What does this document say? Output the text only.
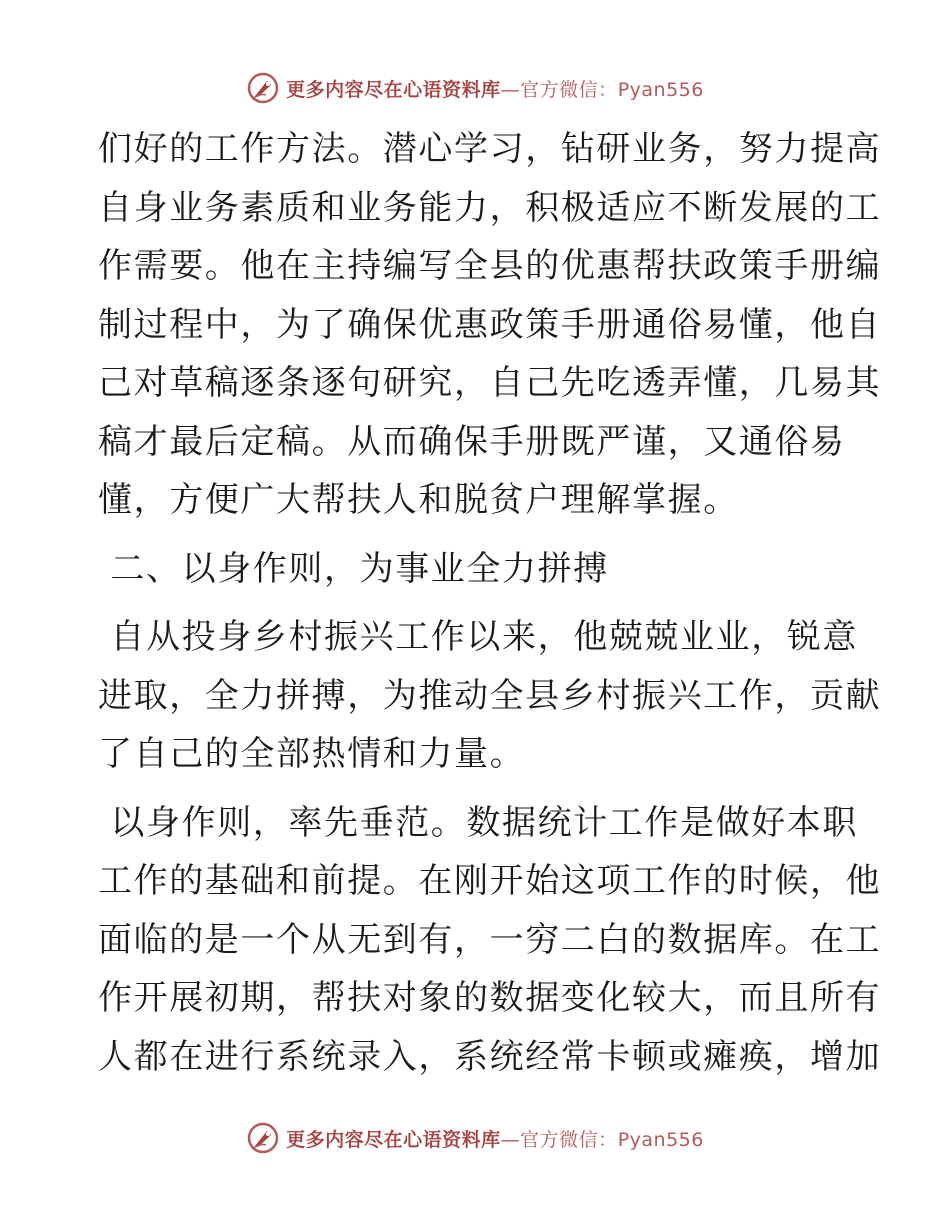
更多内容尽在心语资料库—官方微信：Pyan556
们好的工作方法。潜心学习，钻研业务，努力提高
自身业务素质和业务能力，积极适应不断发展的工
作需要。他在主持编写全县的优惠帮扶政策手册编
制过程中，为了确保优惠政策手册通俗易懂，他自
己对草稿逐条逐句研究，自己先吃透弄懂，几易其
稿才最后定稿。从而确保手册既严谨，又通俗易
懂，方便广大帮扶人和脱贫户理解掌握。
二、以身作则，为事业全力拼搏
自从投身乡村振兴工作以来，他兢兢业业，锐意
进取，全力拼搏，为推动全县乡村振兴工作，贡献
了自己的全部热情和力量。
以身作则，率先垂范。数据统计工作是做好本职
工作的基础和前提。在刚开始这项工作的时候，他
面临的是一个从无到有，一穷二白的数据库。在工
作开展初期，帮扶对象的数据变化较大，而且所有
人都在进行系统录入，系统经常卡顿或瘫痪，增加
更多内容尽在心语资料库—官方微信：Pyan556
